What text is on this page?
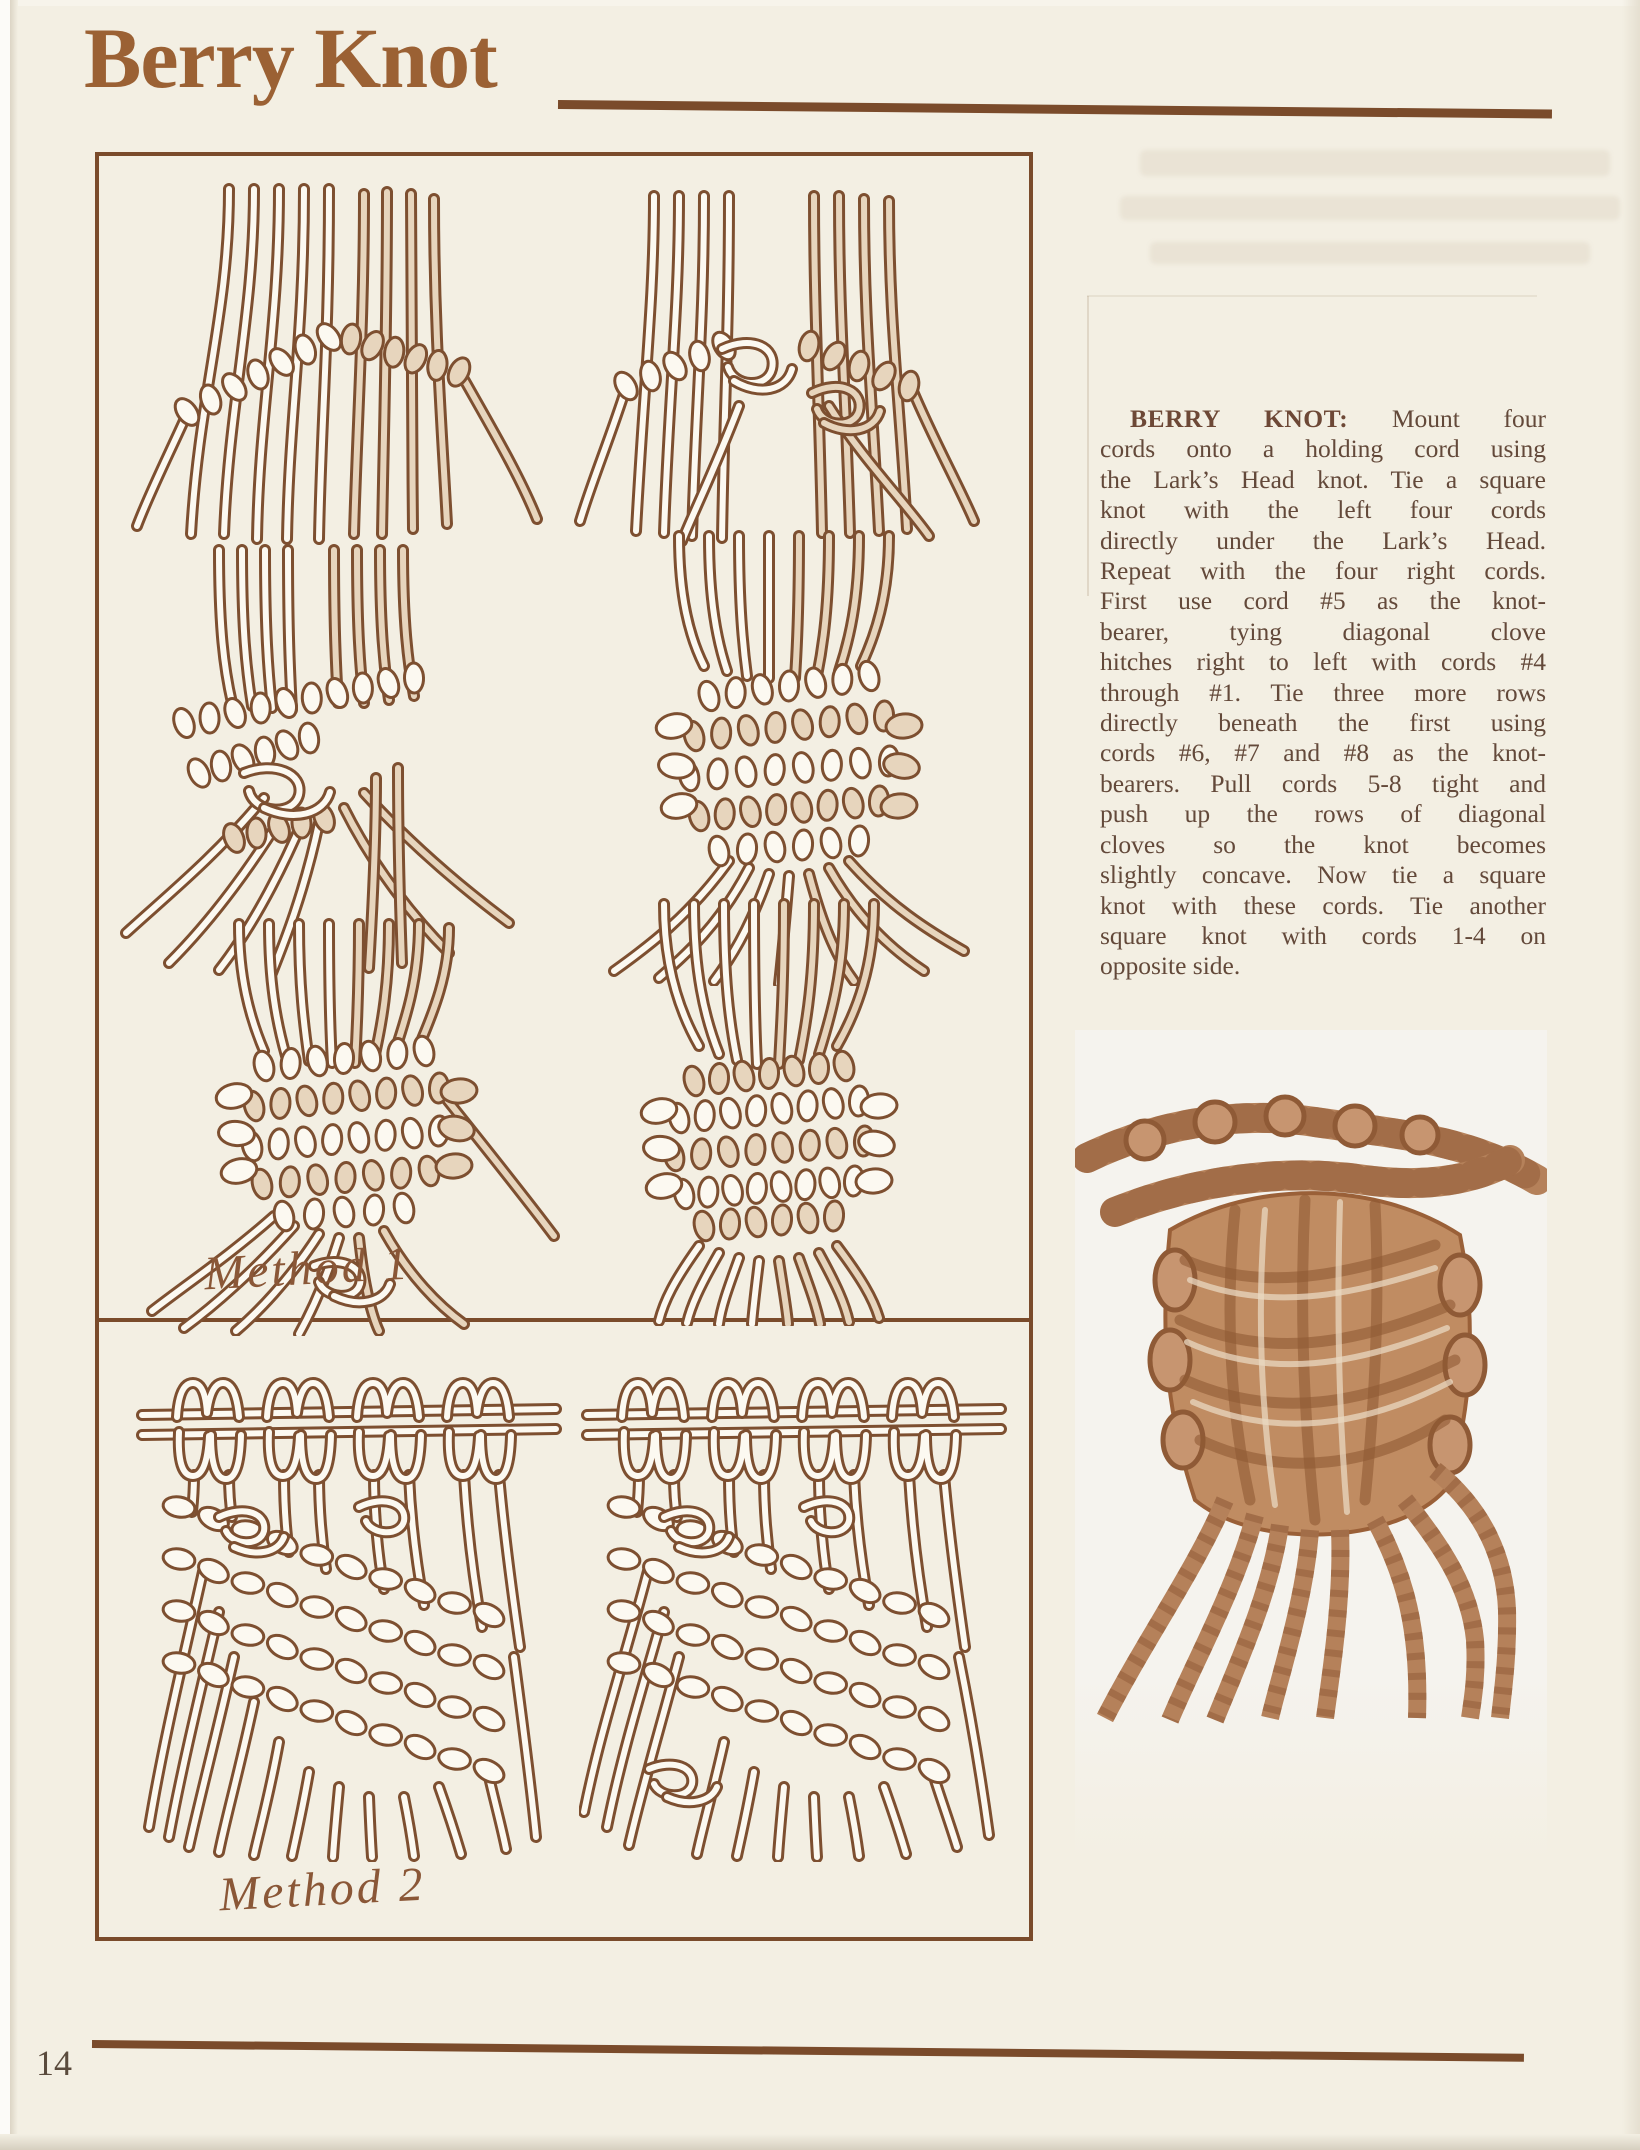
Berry Knot
Method 1
Method 2
BERRY KNOT: Mount four
cords onto a holding cord using
the Lark’s Head knot. Tie a square
knot with the left four cords
directly under the Lark’s Head.
Repeat with the four right cords.
First use cord #5 as the knot-
bearer, tying diagonal clove
hitches right to left with cords #4
through #1. Tie three more rows
directly beneath the first using
cords #6, #7 and #8 as the knot-
bearers. Pull cords 5-8 tight and
push up the rows of diagonal
cloves so the knot becomes
slightly concave. Now tie a square
knot with these cords. Tie another
square knot with cords 1-4 on
opposite side.
14
